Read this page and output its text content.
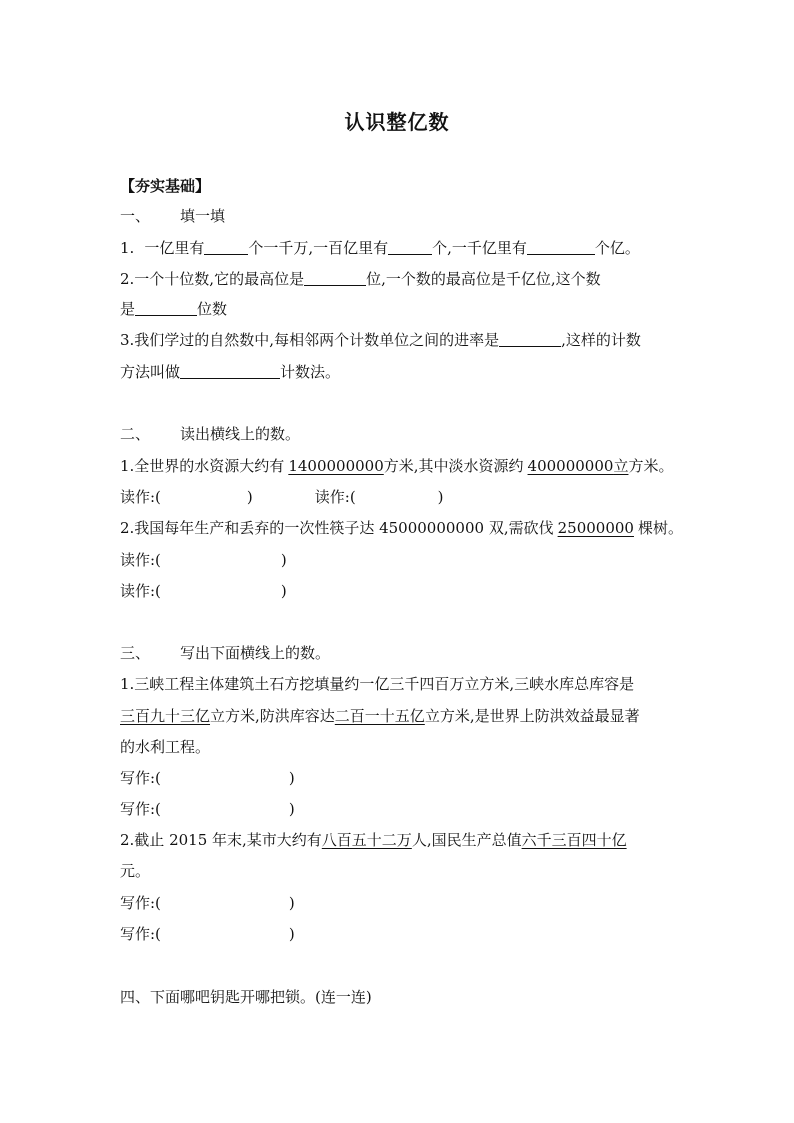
认识整亿数
【夯实基础】
一、 填一填
1. 一亿里有	个一千万,一百亿里有	个,一千亿里有	个亿。
2.一个十位数,它的最高位是	位,一个数的最高位是千亿位,这个数
是	位数
3.我们学过的自然数中,每相邻两个计数单位之间的进率是	,这样的计数
方法叫做	计数法。
二、 读出横线上的数。
1.全世界的水资源大约有 1400000000方米,其中淡水资源约 400000000立方米。
读作:(	)	读作:(	)
2.我国每年生产和丢弃的一次性筷子达 45000000000 双,需砍伐 25000000 棵树。
读作:(	)
读作:(	)
三、 写出下面横线上的数。
1.三峡工程主体建筑土石方挖填量约一亿三千四百万立方米,三峡水库总库容是
三百九十三亿立方米,防洪库容达二百一十五亿立方米,是世界上防洪效益最显著
的水利工程。
写作:(	)
写作:(	)
2.截止 2015 年末,某市大约有八百五十二万人,国民生产总值六千三百四十亿
元。
写作:(	)
写作:(	)
四、下面哪吧钥匙开哪把锁。(连一连)
